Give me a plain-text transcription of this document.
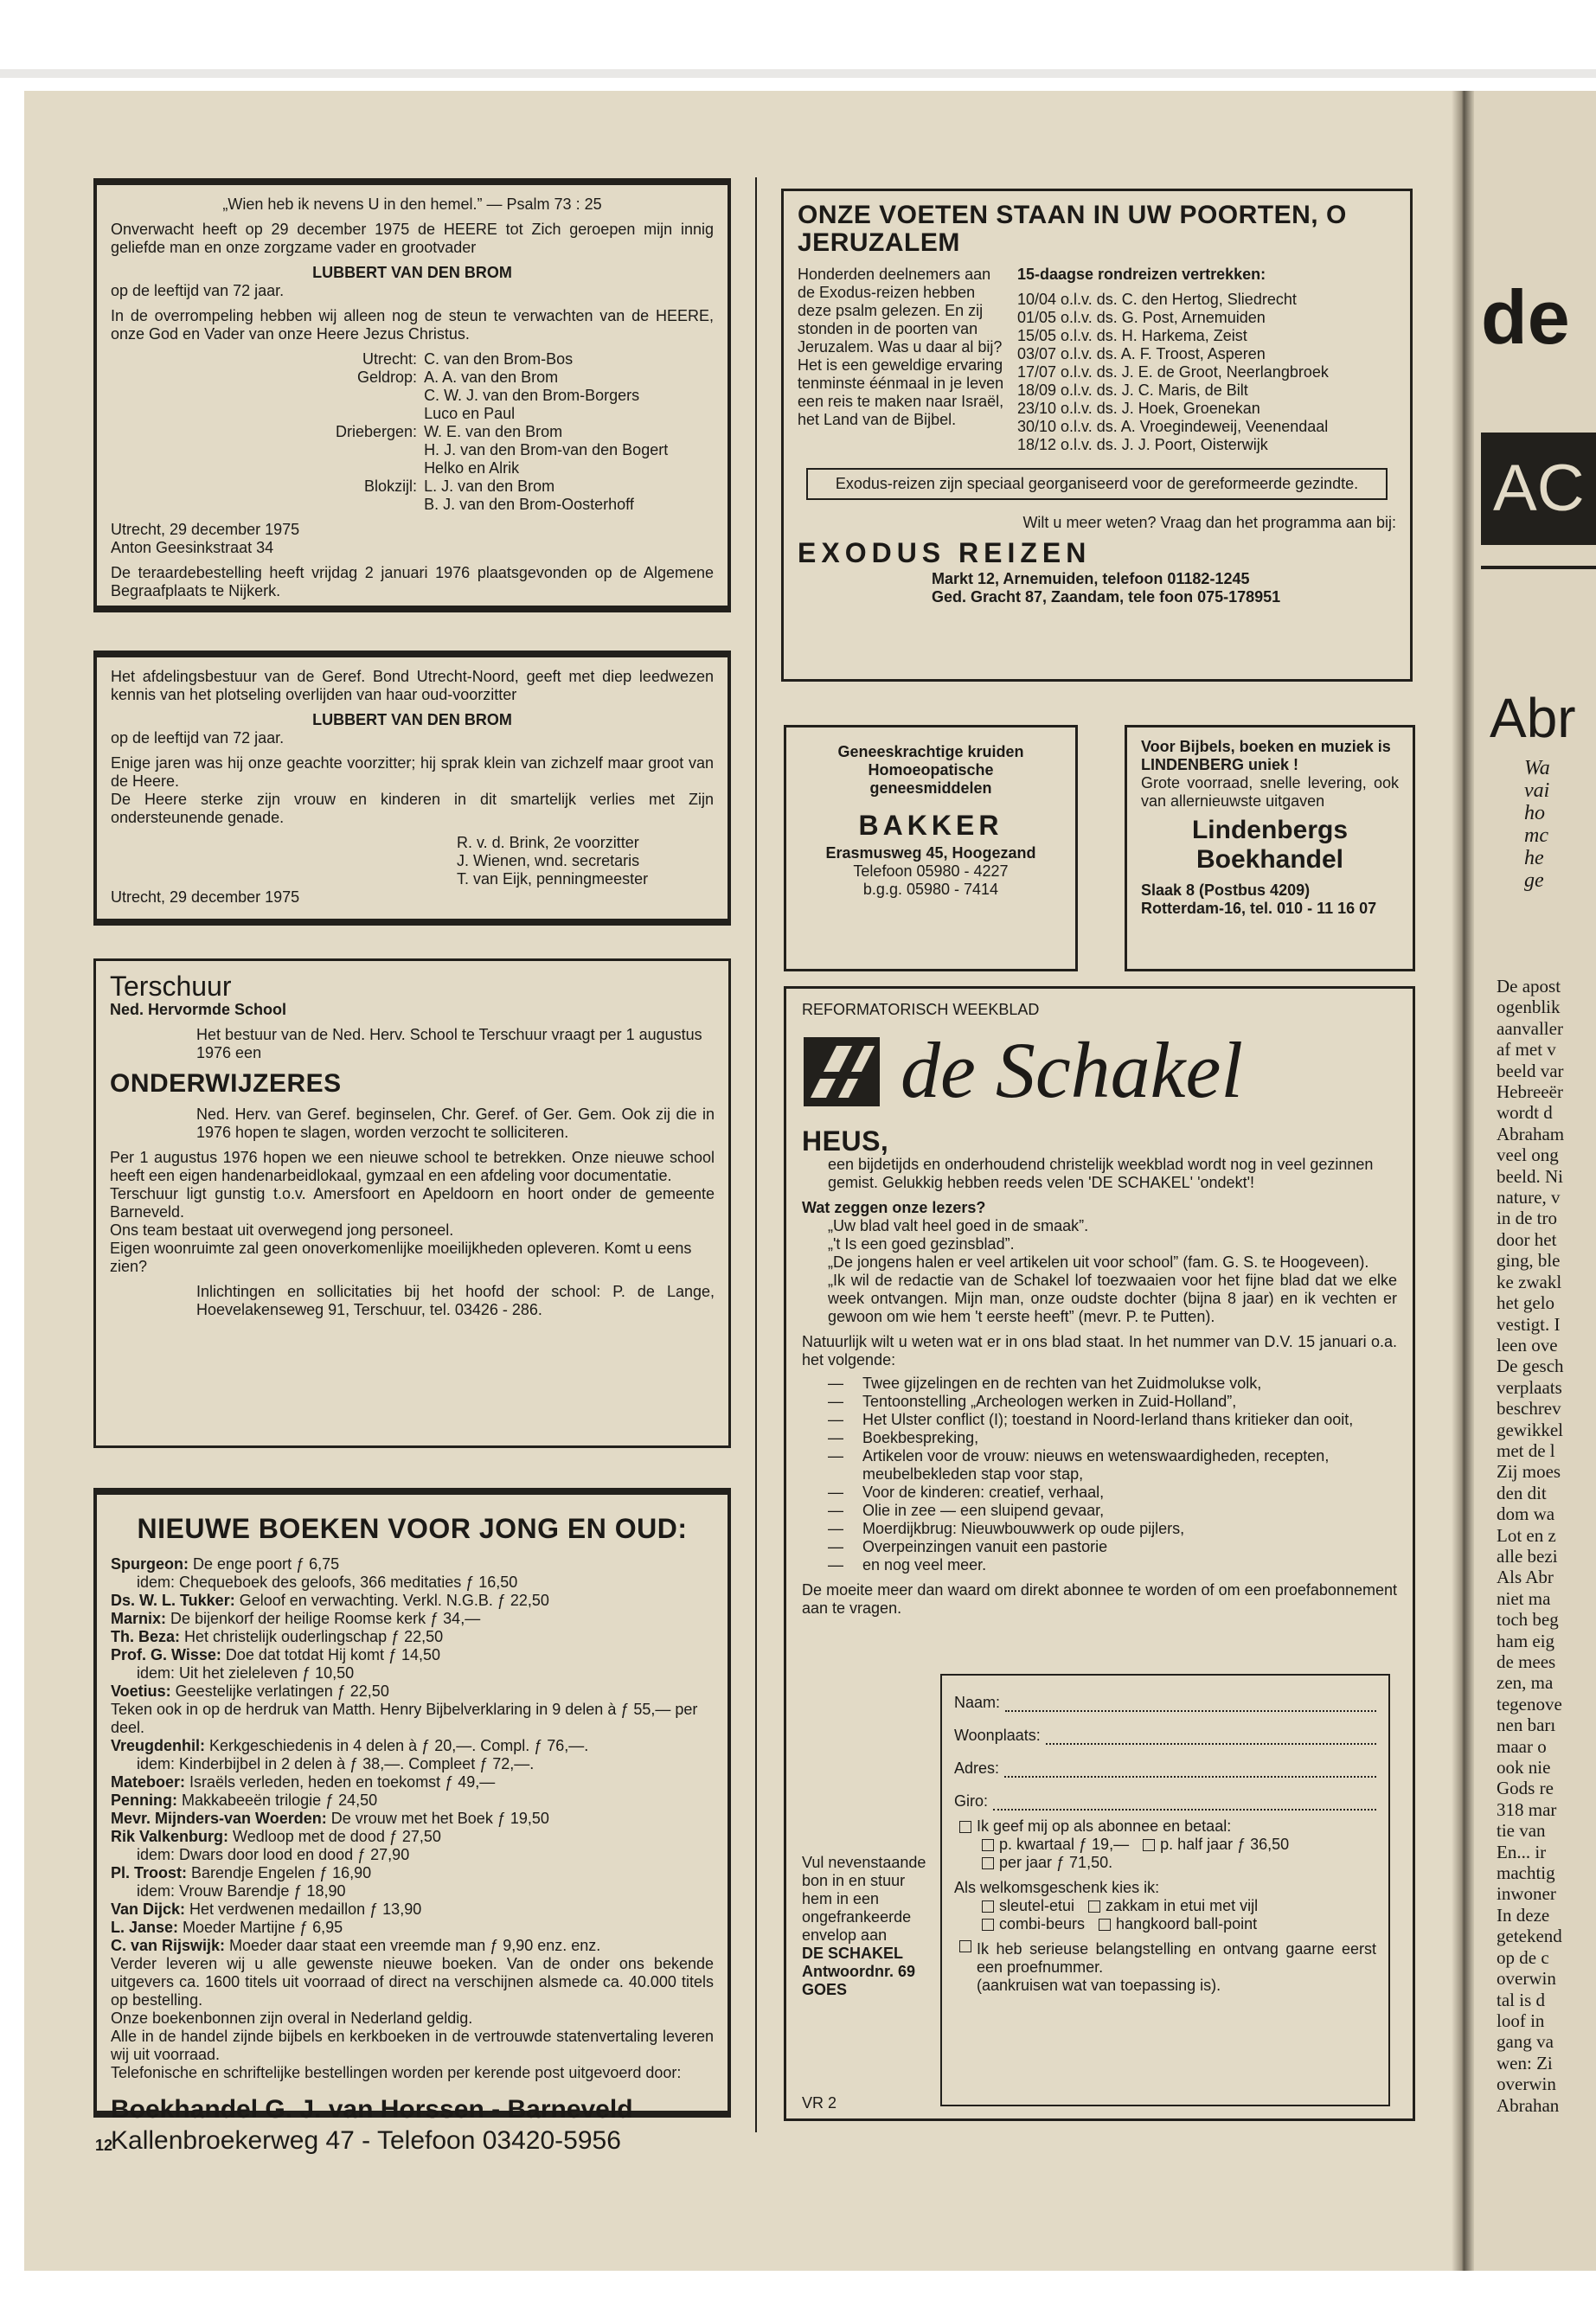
„Wien heb ik nevens U in den hemel.” — Psalm 73 : 25

Onverwacht heeft op 29 december 1975 de HEERE tot Zich geroepen mijn innig geliefde man en onze zorgzame vader en grootvader

LUBBERT VAN DEN BROM

op de leeftijd van 72 jaar.

In de overrompeling hebben wij alleen nog de steun te verwachten van de HEERE, onze God en Vader van onze Heere Jezus Christus.

Utrecht: C. van den Brom-Bos
Geldrop: A. A. van den Brom
C. W. J. van den Brom-Borgers
Luco en Paul
Driebergen: W. E. van den Brom
H. J. van den Brom-van den Bogert
Helko en Alrik
Blokzijl: L. J. van den Brom
B. J. van den Brom-Oosterhoff

Utrecht, 29 december 1975

Anton Geesinkstraat 34

De teraardebestelling heeft vrijdag 2 januari 1976 plaatsgevonden op de Algemene Begraafplaats te Nijkerk.

Het afdelingsbestuur van de Geref. Bond Utrecht-Noord, geeft met diep leedwezen kennis van het plotseling overlijden van haar oud-voorzitter

LUBBERT VAN DEN BROM

op de leeftijd van 72 jaar.

Enige jaren was hij onze geachte voorzitter; hij sprak klein van zichzelf maar groot van de Heere.

De Heere sterke zijn vrouw en kinderen in dit smartelijk verlies met Zijn ondersteunende genade.

R. v. d. Brink, 2e voorzitter

J. Wienen, wnd. secretaris

T. van Eijk, penningmeester

Utrecht, 29 december 1975

Terschuur

Ned. Hervormde School

Het bestuur van de Ned. Herv. School te Terschuur vraagt per 1 augustus 1976 een

ONDERWIJZERES

Ned. Herv. van Geref. beginselen, Chr. Geref. of Ger. Gem. Ook zij die in 1976 hopen te slagen, worden verzocht te solliciteren.

Per 1 augustus 1976 hopen we een nieuwe school te betrekken. Onze nieuwe school heeft een eigen handenarbeidlokaal, gymzaal en een afdeling voor documentatie.

Terschuur ligt gunstig t.o.v. Amersfoort en Apeldoorn en hoort onder de gemeente Barneveld.

Ons team bestaat uit overwegend jong personeel.

Eigen woonruimte zal geen onoverkomenlijke moeilijkheden opleveren. Komt u eens zien?

Inlichtingen en sollicitaties bij het hoofd der school: P. de Lange, Hoevelakenseweg 91, Terschuur, tel. 03426 - 286.

NIEUWE BOEKEN VOOR JONG EN OUD:

Spurgeon: De enge poort ƒ 6,75

idem: Chequeboek des geloofs, 366 meditaties ƒ 16,50

Ds. W. L. Tukker: Geloof en verwachting. Verkl. N.G.B. ƒ 22,50

Marnix: De bijenkorf der heilige Roomse kerk ƒ 34,—

Th. Beza: Het christelijk ouderlingschap ƒ 22,50

Prof. G. Wisse: Doe dat totdat Hij komt ƒ 14,50

idem: Uit het zieleleven ƒ 10,50

Voetius: Geestelijke verlatingen ƒ 22,50

Teken ook in op de herdruk van Matth. Henry Bijbelverklaring in 9 delen à ƒ 55,— per deel.

Vreugdenhil: Kerkgeschiedenis in 4 delen à ƒ 20,—. Compl. ƒ 76,—.

idem: Kinderbijbel in 2 delen à ƒ 38,—. Compleet ƒ 72,—.

Mateboer: Israëls verleden, heden en toekomst ƒ 49,—

Penning: Makkabeeën trilogie ƒ 24,50

Mevr. Mijnders-van Woerden: De vrouw met het Boek ƒ 19,50

Rik Valkenburg: Wedloop met de dood ƒ 27,50

idem: Dwars door lood en dood ƒ 27,90

Pl. Troost: Barendje Engelen ƒ 16,90

idem: Vrouw Barendje ƒ 18,90

Van Dijck: Het verdwenen medaillon ƒ 13,90

L. Janse: Moeder Martijne ƒ 6,95

C. van Rijswijk: Moeder daar staat een vreemde man ƒ 9,90 enz. enz.

Verder leveren wij u alle gewenste nieuwe boeken. Van de onder ons bekende uitgevers ca. 1600 titels uit voorraad of direct na verschijnen alsmede ca. 40.000 titels op bestelling.

Onze boekenbonnen zijn overal in Nederland geldig.

Alle in de handel zijnde bijbels en kerkboeken in de vertrouwde statenvertaling leveren wij uit voorraad.

Telefonische en schriftelijke bestellingen worden per kerende post uitgevoerd door:

Boekhandel G. J. van Horssen - Barneveld

Kallenbroekerweg 47 - Telefoon 03420-5956

12

ONZE VOETEN STAAN IN UW POORTEN, O JERUZALEM

Honderden deelnemers aan de Exodus-reizen hebben deze psalm gelezen. En zij stonden in de poorten van Jeruzalem. Was u daar al bij? Het is een geweldige ervaring tenminste éénmaal in je leven een reis te maken naar Israël, het Land van de Bijbel.

15-daagse rondreizen vertrekken:

10/04 o.l.v. ds. C. den Hertog, Sliedrecht

01/05 o.l.v. ds. G. Post, Arnemuiden

15/05 o.l.v. ds. H. Harkema, Zeist

03/07 o.l.v. ds. A. F. Troost, Asperen

17/07 o.l.v. ds. J. E. de Groot, Neerlangbroek

18/09 o.l.v. ds. J. C. Maris, de Bilt

23/10 o.l.v. ds. J. Hoek, Groenekan

30/10 o.l.v. ds. A. Vroegindeweij, Veenendaal

18/12 o.l.v. ds. J. J. Poort, Oisterwijk

Exodus-reizen zijn speciaal georganiseerd voor de gereformeerde gezindte.

Wilt u meer weten? Vraag dan het programma aan bij:

EXODUS REIZEN

Markt 12, Arnemuiden, telefoon 01182-1245

Ged. Gracht 87, Zaandam, tele foon 075-178951

Geneeskrachtige kruiden

Homoeopatische

geneesmiddelen

BAKKER

Erasmusweg 45, Hoogezand

Telefoon 05980 - 4227

b.g.g. 05980 - 7414

Voor Bijbels, boeken en muziek is LINDENBERG uniek !

Grote voorraad, snelle levering, ook van allernieuwste uitgaven

Lindenbergs

Boekhandel

Slaak 8 (Postbus 4209)

Rotterdam-16, tel. 010 - 11 16 07

REFORMATORISCH WEEKBLAD

de Schakel

HEUS,

een bijdetijds en onderhoudend christelijk weekblad wordt nog in veel gezinnen gemist. Gelukkig hebben reeds velen 'DE SCHAKEL' 'ondekt'!

Wat zeggen onze lezers?

„Uw blad valt heel goed in de smaak”.

„'t Is een goed gezinsblad”.

„De jongens halen er veel artikelen uit voor school” (fam. G. S. te Hoogeveen).

„Ik wil de redactie van de Schakel lof toezwaaien voor het fijne blad dat we elke week ontvangen. Mijn man, onze oudste dochter (bijna 8 jaar) en ik vechten er gewoon om wie hem 't eerste heeft” (mevr. P. te Putten).

Natuurlijk wilt u weten wat er in ons blad staat. In het nummer van D.V. 15 januari o.a. het volgende:

—	Twee gijzelingen en de rechten van het Zuidmolukse volk,
—	Tentoonstelling „Archeologen werken in Zuid-Holland”,
—	Het Ulster conflict (I); toestand in Noord-Ierland thans kritieker dan ooit,
—	Boekbespreking,
—	Artikelen voor de vrouw: nieuws en wetenswaardigheden, recepten, meubelbekleden stap voor stap,
—	Voor de kinderen: creatief, verhaal,
—	Olie in zee — een sluipend gevaar,
—	Moerdijkbrug: Nieuwbouwwerk op oude pijlers,
—	Overpeinzingen vanuit een pastorie
—	en nog veel meer.

De moeite meer dan waard om direkt abonnee te worden of om een proefabonnement aan te vragen.

Naam:
Woonplaats:
Adres:
Giro:

Ik geef mij op als abonnee en betaal:

p. kwartaal ƒ 19,— p. half jaar ƒ 36,50

per jaar ƒ 71,50.

Als welkomsgeschenk kies ik:

sleutel-etui zakkam in etui met vijl

combi-beurs hangkoord ball-point

Ik heb serieuse belangstelling en ontvang gaarne eerst een proefnummer.

(aankruisen wat van toepassing is).

Vul nevenstaande bon in en stuur hem in een ongefrankeerde envelop aan

DE SCHAKEL

Antwoordnr. 69

GOES

VR 2

de
AC
Abr

Wa

vai

ho

mc

he

ge

De apost

ogenblik

aanvaller

af met v

beeld var

Hebreeër

wordt d

Abraham

veel ong

beeld. Ni

nature, v

in de tro

door het

ging, ble

ke zwakl

het gelo

vestigt. I

leen ove

De gesch

verplaats

beschrev

gewikkel

met de l

Zij moes

den dit

dom wa

Lot en z

alle bezi

Als Abr

niet ma

toch beg

ham eig

de mees

zen, ma

tegenove

nen barı

maar o

ook nie

Gods re

318 mar

tie van

En... ir

machtig

inwoner

In deze

getekend

op de c

overwin

tal is d

loof in

gang va

wen: Zi

overwin

Abrahan
